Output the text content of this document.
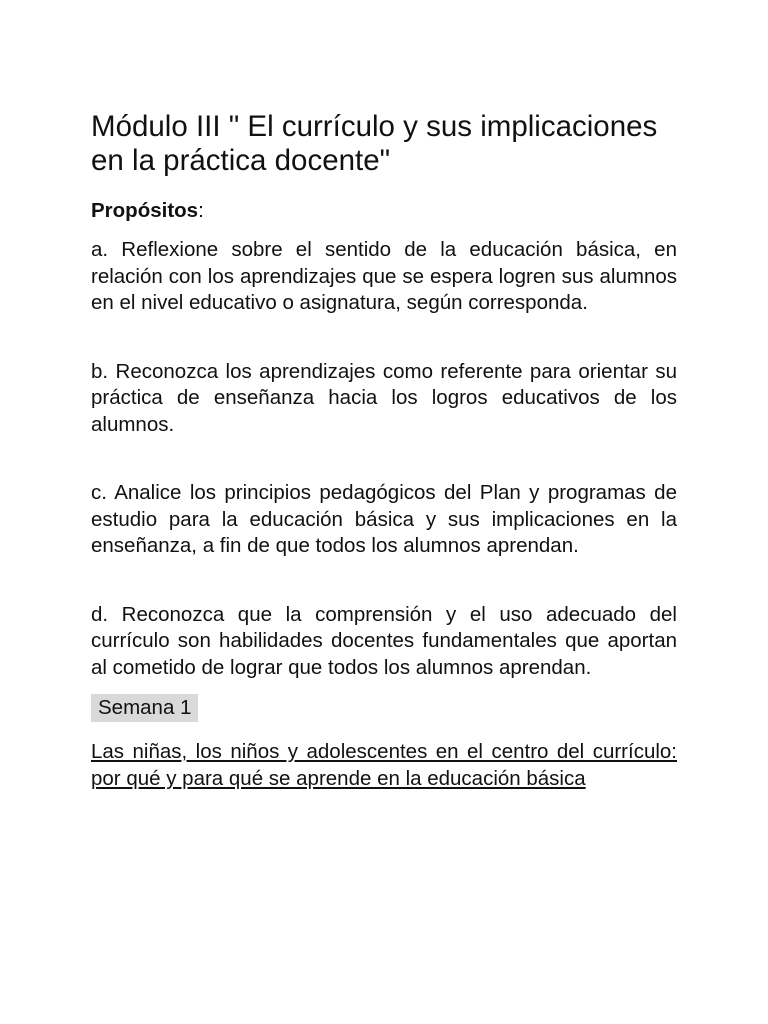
Módulo III " El currículo y sus implicaciones en la práctica docente"

Propósitos:

a. Reflexione sobre el sentido de la educación básica, en relación con los aprendizajes que se espera logren sus alumnos en el nivel educativo o asignatura, según corresponda.

b. Reconozca los aprendizajes como referente para orientar su práctica de enseñanza hacia los logros educativos de los alumnos.

c. Analice los principios pedagógicos del Plan y programas de estudio para la educación básica y sus implicaciones en la enseñanza, a fin de que todos los alumnos aprendan.

d. Reconozca que la comprensión y el uso adecuado del currículo son habilidades docentes fundamentales que aportan al cometido de lograr que todos los alumnos aprendan.

Semana 1

Las niñas, los niños y adolescentes en el centro del currículo: por qué y para qué se aprende en la educación básica
